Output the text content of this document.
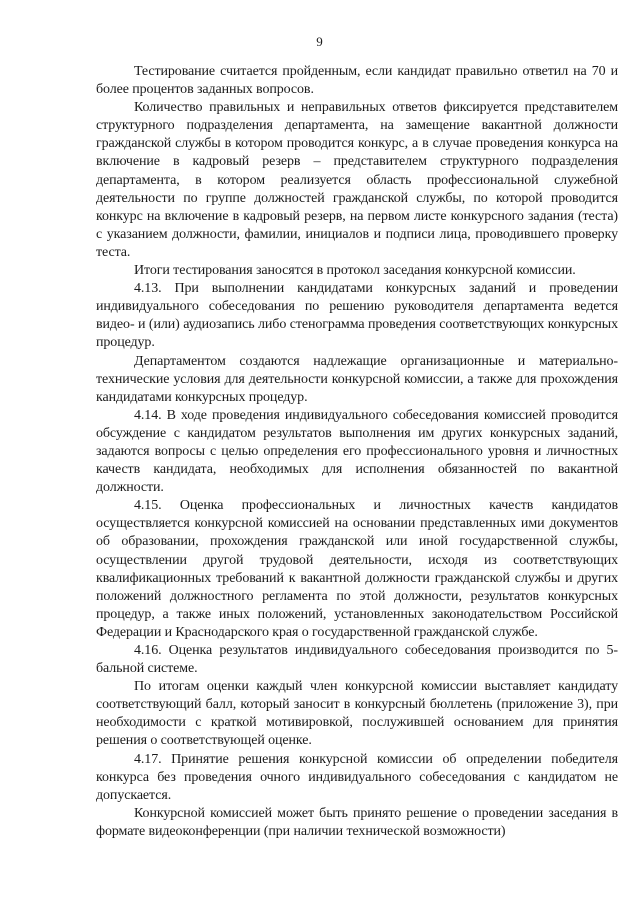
9

Тестирование считается пройденным, если кандидат правильно ответил на 70 и более процентов заданных вопросов.

Количество правильных и неправильных ответов фиксируется представителем структурного подразделения департамента, на замещение вакантной должности гражданской службы в котором проводится конкурс, а в случае проведения конкурса на включение в кадровый резерв – представителем структурного подразделения департамента, в котором реализуется область профессиональной служебной деятельности по группе должностей гражданской службы, по которой проводится конкурс на включение в кадровый резерв, на первом листе конкурсного задания (теста) с указанием должности, фамилии, инициалов и подписи лица, проводившего проверку теста.

Итоги тестирования заносятся в протокол заседания конкурсной комиссии.

4.13. При выполнении кандидатами конкурсных заданий и проведении индивидуального собеседования по решению руководителя департамента ведется видео- и (или) аудиозапись либо стенограмма проведения соответствующих конкурсных процедур.

Департаментом создаются надлежащие организационные и материально-технические условия для деятельности конкурсной комиссии, а также для прохождения кандидатами конкурсных процедур.

4.14. В ходе проведения индивидуального собеседования комиссией проводится обсуждение с кандидатом результатов выполнения им других конкурсных заданий, задаются вопросы с целью определения его профессионального уровня и личностных качеств кандидата, необходимых для исполнения обязанностей по вакантной должности.

4.15. Оценка профессиональных и личностных качеств кандидатов осуществляется конкурсной комиссией на основании представленных ими документов об образовании, прохождения гражданской или иной государственной службы, осуществлении другой трудовой деятельности, исходя из соответствующих квалификационных требований к вакантной должности гражданской службы и других положений должностного регламента по этой должности, результатов конкурсных процедур, а также иных положений, установленных законодательством Российской Федерации и Краснодарского края о государственной гражданской службе.

4.16. Оценка результатов индивидуального собеседования производится по 5-бальной системе.

По итогам оценки каждый член конкурсной комиссии выставляет кандидату соответствующий балл, который заносит в конкурсный бюллетень (приложение 3), при необходимости с краткой мотивировкой, послужившей основанием для принятия решения о соответствующей оценке.

4.17. Принятие решения конкурсной комиссии об определении победителя конкурса без проведения очного индивидуального собеседования с кандидатом не допускается.

Конкурсной комиссией может быть принято решение о проведении заседания в формате видеоконференции (при наличии технической возможности)
